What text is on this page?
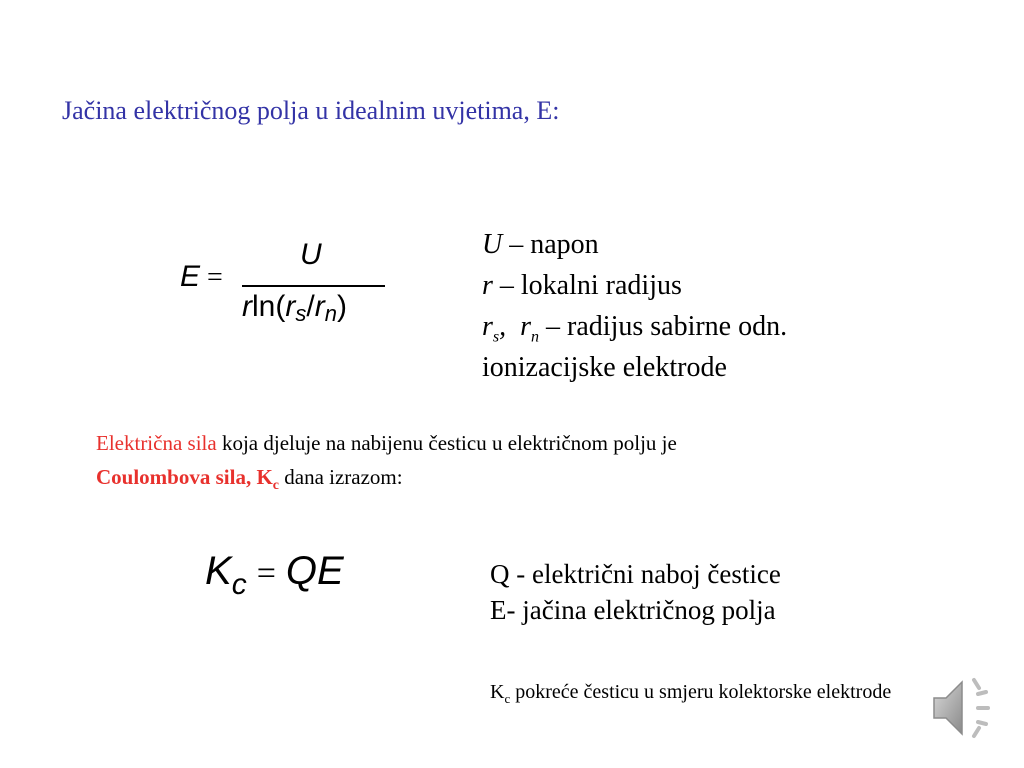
Jačina električnog polja u idealnim uvjetima, E:
E =
U
$rln(r_s/r_n)$
U – napon
r – lokalni radijus
$r_s$, $r_n$ – radijus sabirne odn.
ionizacijske elektrode
Električna sila koja djeluje na nabijenu česticu u električnom polju je
Coulombova sila, $K_c$ dana izrazom:
$K_c$ = QE	Q - električni naboj čestice
E- jačina električnog polja
$K_c$ pokreće česticu u smjeru kolektorske elektrode
